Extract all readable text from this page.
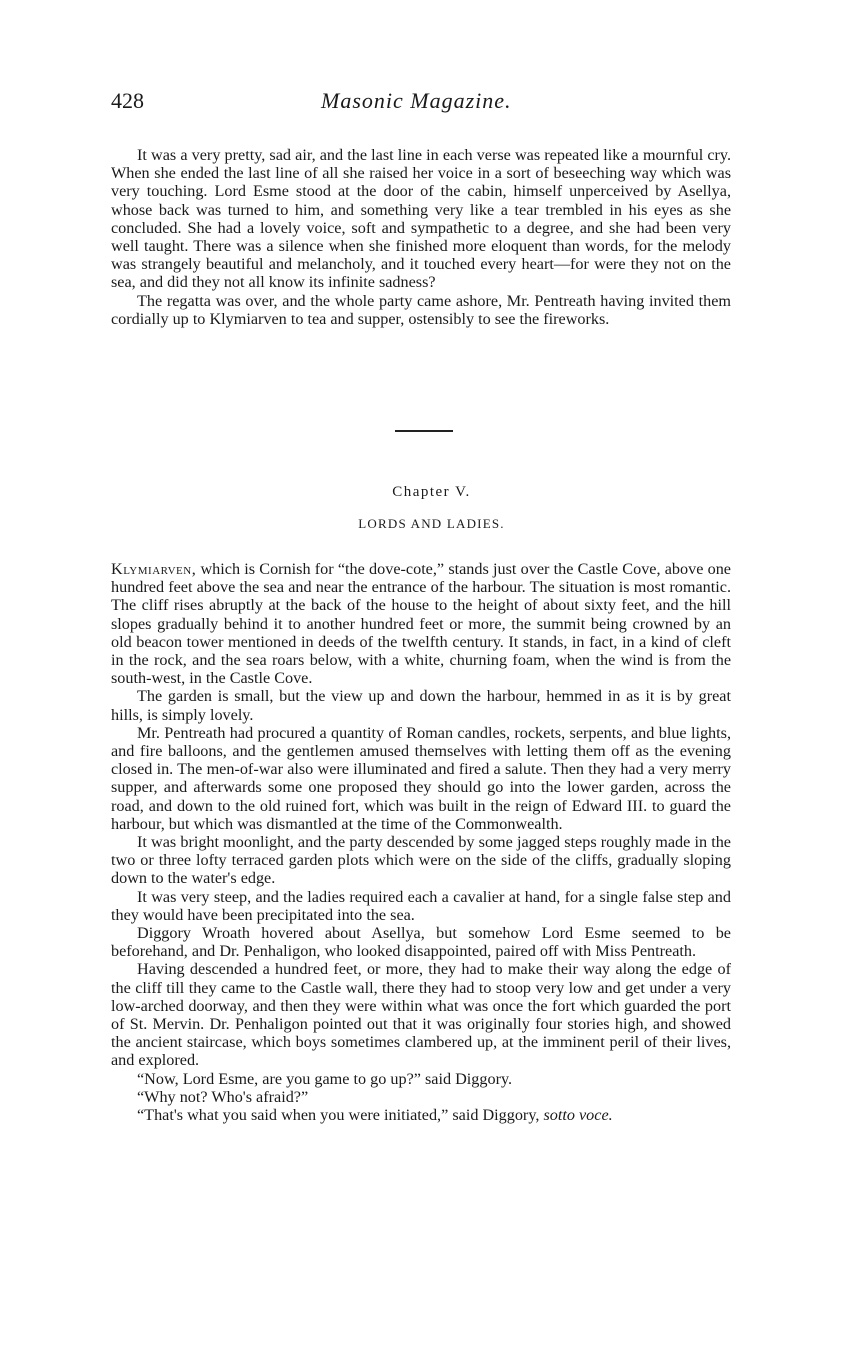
428	Masonic Magazine.

It was a very pretty, sad air, and the last line in each verse was repeated like a mournful cry. When she ended the last line of all she raised her voice in a sort of beseeching way which was very touching. Lord Esme stood at the door of the cabin, himself unperceived by Asellya, whose back was turned to him, and something very like a tear trembled in his eyes as she concluded. She had a lovely voice, soft and sympathetic to a degree, and she had been very well taught. There was a silence when she finished more eloquent than words, for the melody was strangely beautiful and melancholy, and it touched every heart—for were they not on the sea, and did they not all know its infinite sadness?

The regatta was over, and the whole party came ashore, Mr. Pentreath having invited them cordially up to Klymiarven to tea and supper, ostensibly to see the fireworks.

Chapter V.
LORDS AND LADIES.

Klymiarven, which is Cornish for “the dove-cote,” stands just over the Castle Cove, above one hundred feet above the sea and near the entrance of the harbour. The situation is most romantic. The cliff rises abruptly at the back of the house to the height of about sixty feet, and the hill slopes gradually behind it to another hundred feet or more, the summit being crowned by an old beacon tower mentioned in deeds of the twelfth century. It stands, in fact, in a kind of cleft in the rock, and the sea roars below, with a white, churning foam, when the wind is from the south-west, in the Castle Cove.

The garden is small, but the view up and down the harbour, hemmed in as it is by great hills, is simply lovely.

Mr. Pentreath had procured a quantity of Roman candles, rockets, serpents, and blue lights, and fire balloons, and the gentlemen amused themselves with letting them off as the evening closed in. The men-of-war also were illuminated and fired a salute. Then they had a very merry supper, and afterwards some one proposed they should go into the lower garden, across the road, and down to the old ruined fort, which was built in the reign of Edward III. to guard the harbour, but which was dismantled at the time of the Commonwealth.

It was bright moonlight, and the party descended by some jagged steps roughly made in the two or three lofty terraced garden plots which were on the side of the cliffs, gradually sloping down to the water's edge.

It was very steep, and the ladies required each a cavalier at hand, for a single false step and they would have been precipitated into the sea.

Diggory Wroath hovered about Asellya, but somehow Lord Esme seemed to be beforehand, and Dr. Penhaligon, who looked disappointed, paired off with Miss Pentreath.

Having descended a hundred feet, or more, they had to make their way along the edge of the cliff till they came to the Castle wall, there they had to stoop very low and get under a very low-arched doorway, and then they were within what was once the fort which guarded the port of St. Mervin. Dr. Penhaligon pointed out that it was originally four stories high, and showed the ancient staircase, which boys sometimes clambered up, at the imminent peril of their lives, and explored.

“Now, Lord Esme, are you game to go up?” said Diggory.

“Why not? Who's afraid?”

“That's what you said when you were initiated,” said Diggory, sotto voce.
